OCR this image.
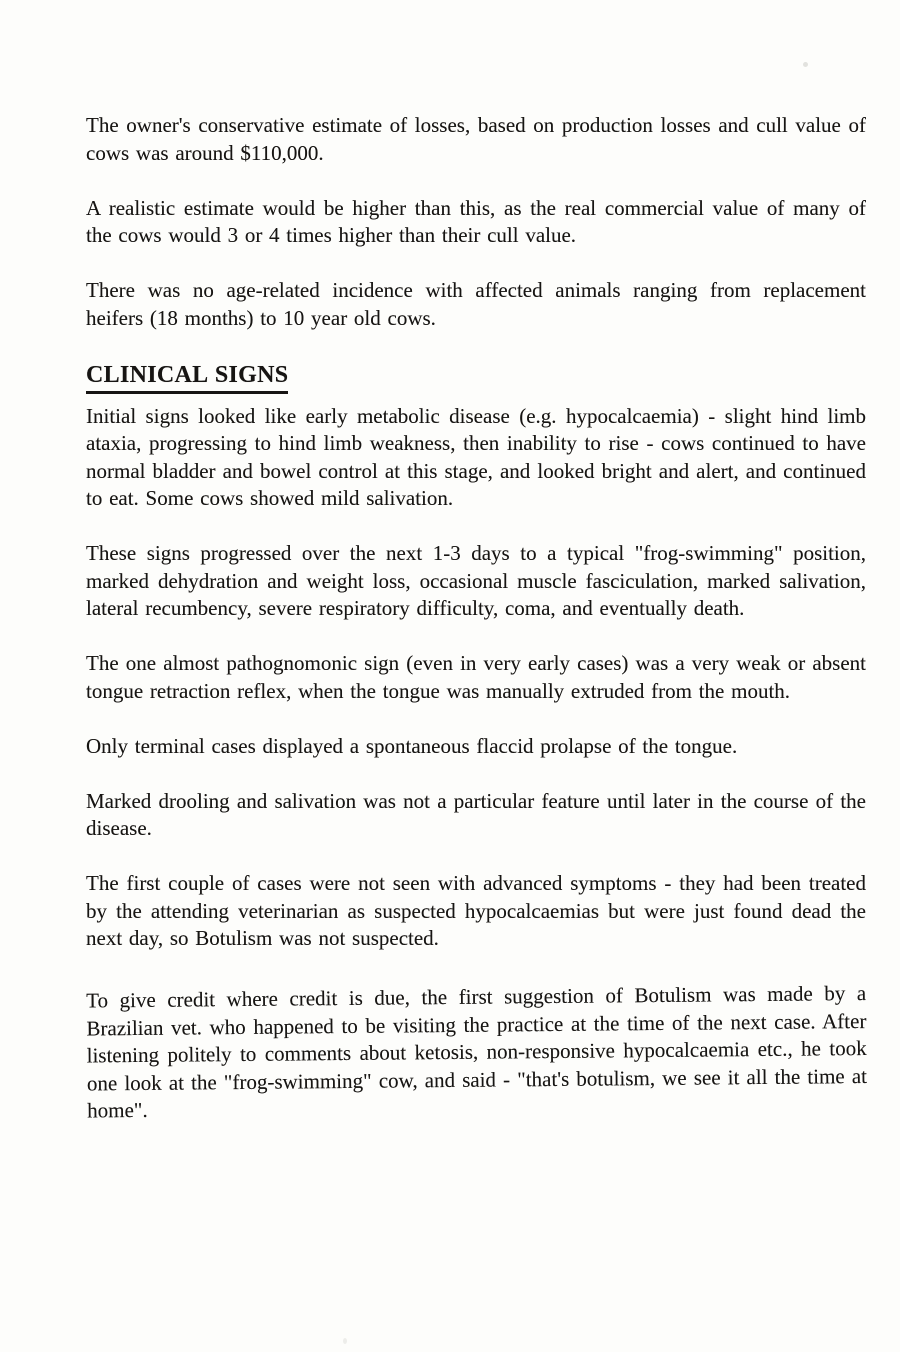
The owner's conservative estimate of losses, based on production losses and cull value of cows was around $110,000.

A realistic estimate would be higher than this, as the real commercial value of many of the cows would 3 or 4 times higher than their cull value.

There was no age-related incidence with affected animals ranging from replacement heifers (18 months) to 10 year old cows.

CLINICAL SIGNS

Initial signs looked like early metabolic disease (e.g. hypocalcaemia) - slight hind limb ataxia, progressing to hind limb weakness, then inability to rise - cows continued to have normal bladder and bowel control at this stage, and looked bright and alert, and continued to eat. Some cows showed mild salivation.

These signs progressed over the next 1-3 days to a typical "frog-swimming" position, marked dehydration and weight loss, occasional muscle fasciculation, marked salivation, lateral recumbency, severe respiratory difficulty, coma, and eventually death.

The one almost pathognomonic sign (even in very early cases) was a very weak or absent tongue retraction reflex, when the tongue was manually extruded from the mouth.

Only terminal cases displayed a spontaneous flaccid prolapse of the tongue.

Marked drooling and salivation was not a particular feature until later in the course of the disease.

The first couple of cases were not seen with advanced symptoms - they had been treated by the attending veterinarian as suspected hypocalcaemias but were just found dead the next day, so Botulism was not suspected.

To give credit where credit is due, the first suggestion of Botulism was made by a Brazilian vet. who happened to be visiting the practice at the time of the next case. After listening politely to comments about ketosis, non-responsive hypocalcaemia etc., he took one look at the "frog-swimming" cow, and said - "that's botulism, we see it all the time at home".
